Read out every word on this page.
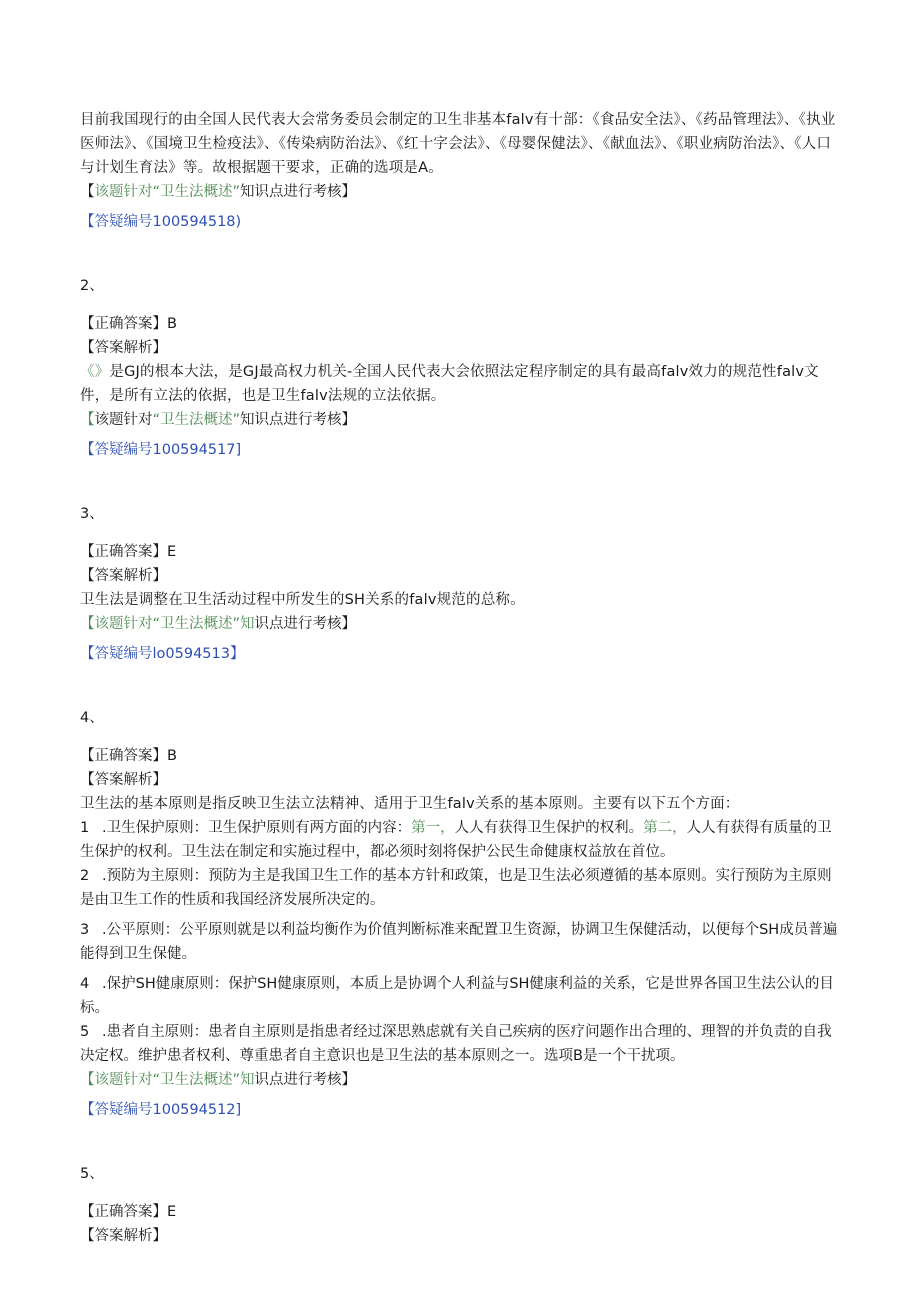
目前我国现行的由全国人民代表大会常务委员会制定的卫生非基本falv有十部：《食品安全法》、《药品管理法》、《执业医师法》、《国境卫生检疫法》、《传染病防治法》、《红十字会法》、《母婴保健法》、《献血法》、《职业病防治法》、《人口与计划生育法》等。故根据题干要求，正确的选项是A。

【该题针对“卫生法概述”知识点进行考核】

【答疑编号100594518)

2、

【正确答案】B

【答案解析】

《》是GJ的根本大法，是GJ最高权力机关-全国人民代表大会依照法定程序制定的具有最高falv效力的规范性falv文件，是所有立法的依据，也是卫生falv法规的立法依据。

【该题针对“卫生法概述”知识点进行考核】

【答疑编号100594517]

3、

【正确答案】E

【答案解析】

卫生法是调整在卫生活动过程中所发生的SH关系的falv规范的总称。

【该题针对“卫生法概述”知识点进行考核】

【答疑编号lo0594513】

4、

【正确答案】B

【答案解析】

卫生法的基本原则是指反映卫生法立法精神、适用于卫生falv关系的基本原则。主要有以下五个方面：

1 .卫生保护原则：卫生保护原则有两方面的内容：第一，人人有获得卫生保护的权利。第二，人人有获得有质量的卫生保护的权利。卫生法在制定和实施过程中，都必须时刻将保护公民生命健康权益放在首位。

2 .预防为主原则：预防为主是我国卫生工作的基本方针和政策，也是卫生法必须遵循的基本原则。实行预防为主原则是由卫生工作的性质和我国经济发展所决定的。

3 .公平原则：公平原则就是以利益均衡作为价值判断标准来配置卫生资源，协调卫生保健活动，以便每个SH成员普遍能得到卫生保健。

4 .保护SH健康原则：保护SH健康原则，本质上是协调个人利益与SH健康利益的关系，它是世界各国卫生法公认的目标。

5 .患者自主原则：患者自主原则是指患者经过深思熟虑就有关自己疾病的医疗问题作出合理的、理智的并负责的自我决定权。维护患者权利、尊重患者自主意识也是卫生法的基本原则之一。选项B是一个干扰项。

【该题针对“卫生法概述”知识点进行考核】

【答疑编号100594512]

5、

【正确答案】E

【答案解析】
